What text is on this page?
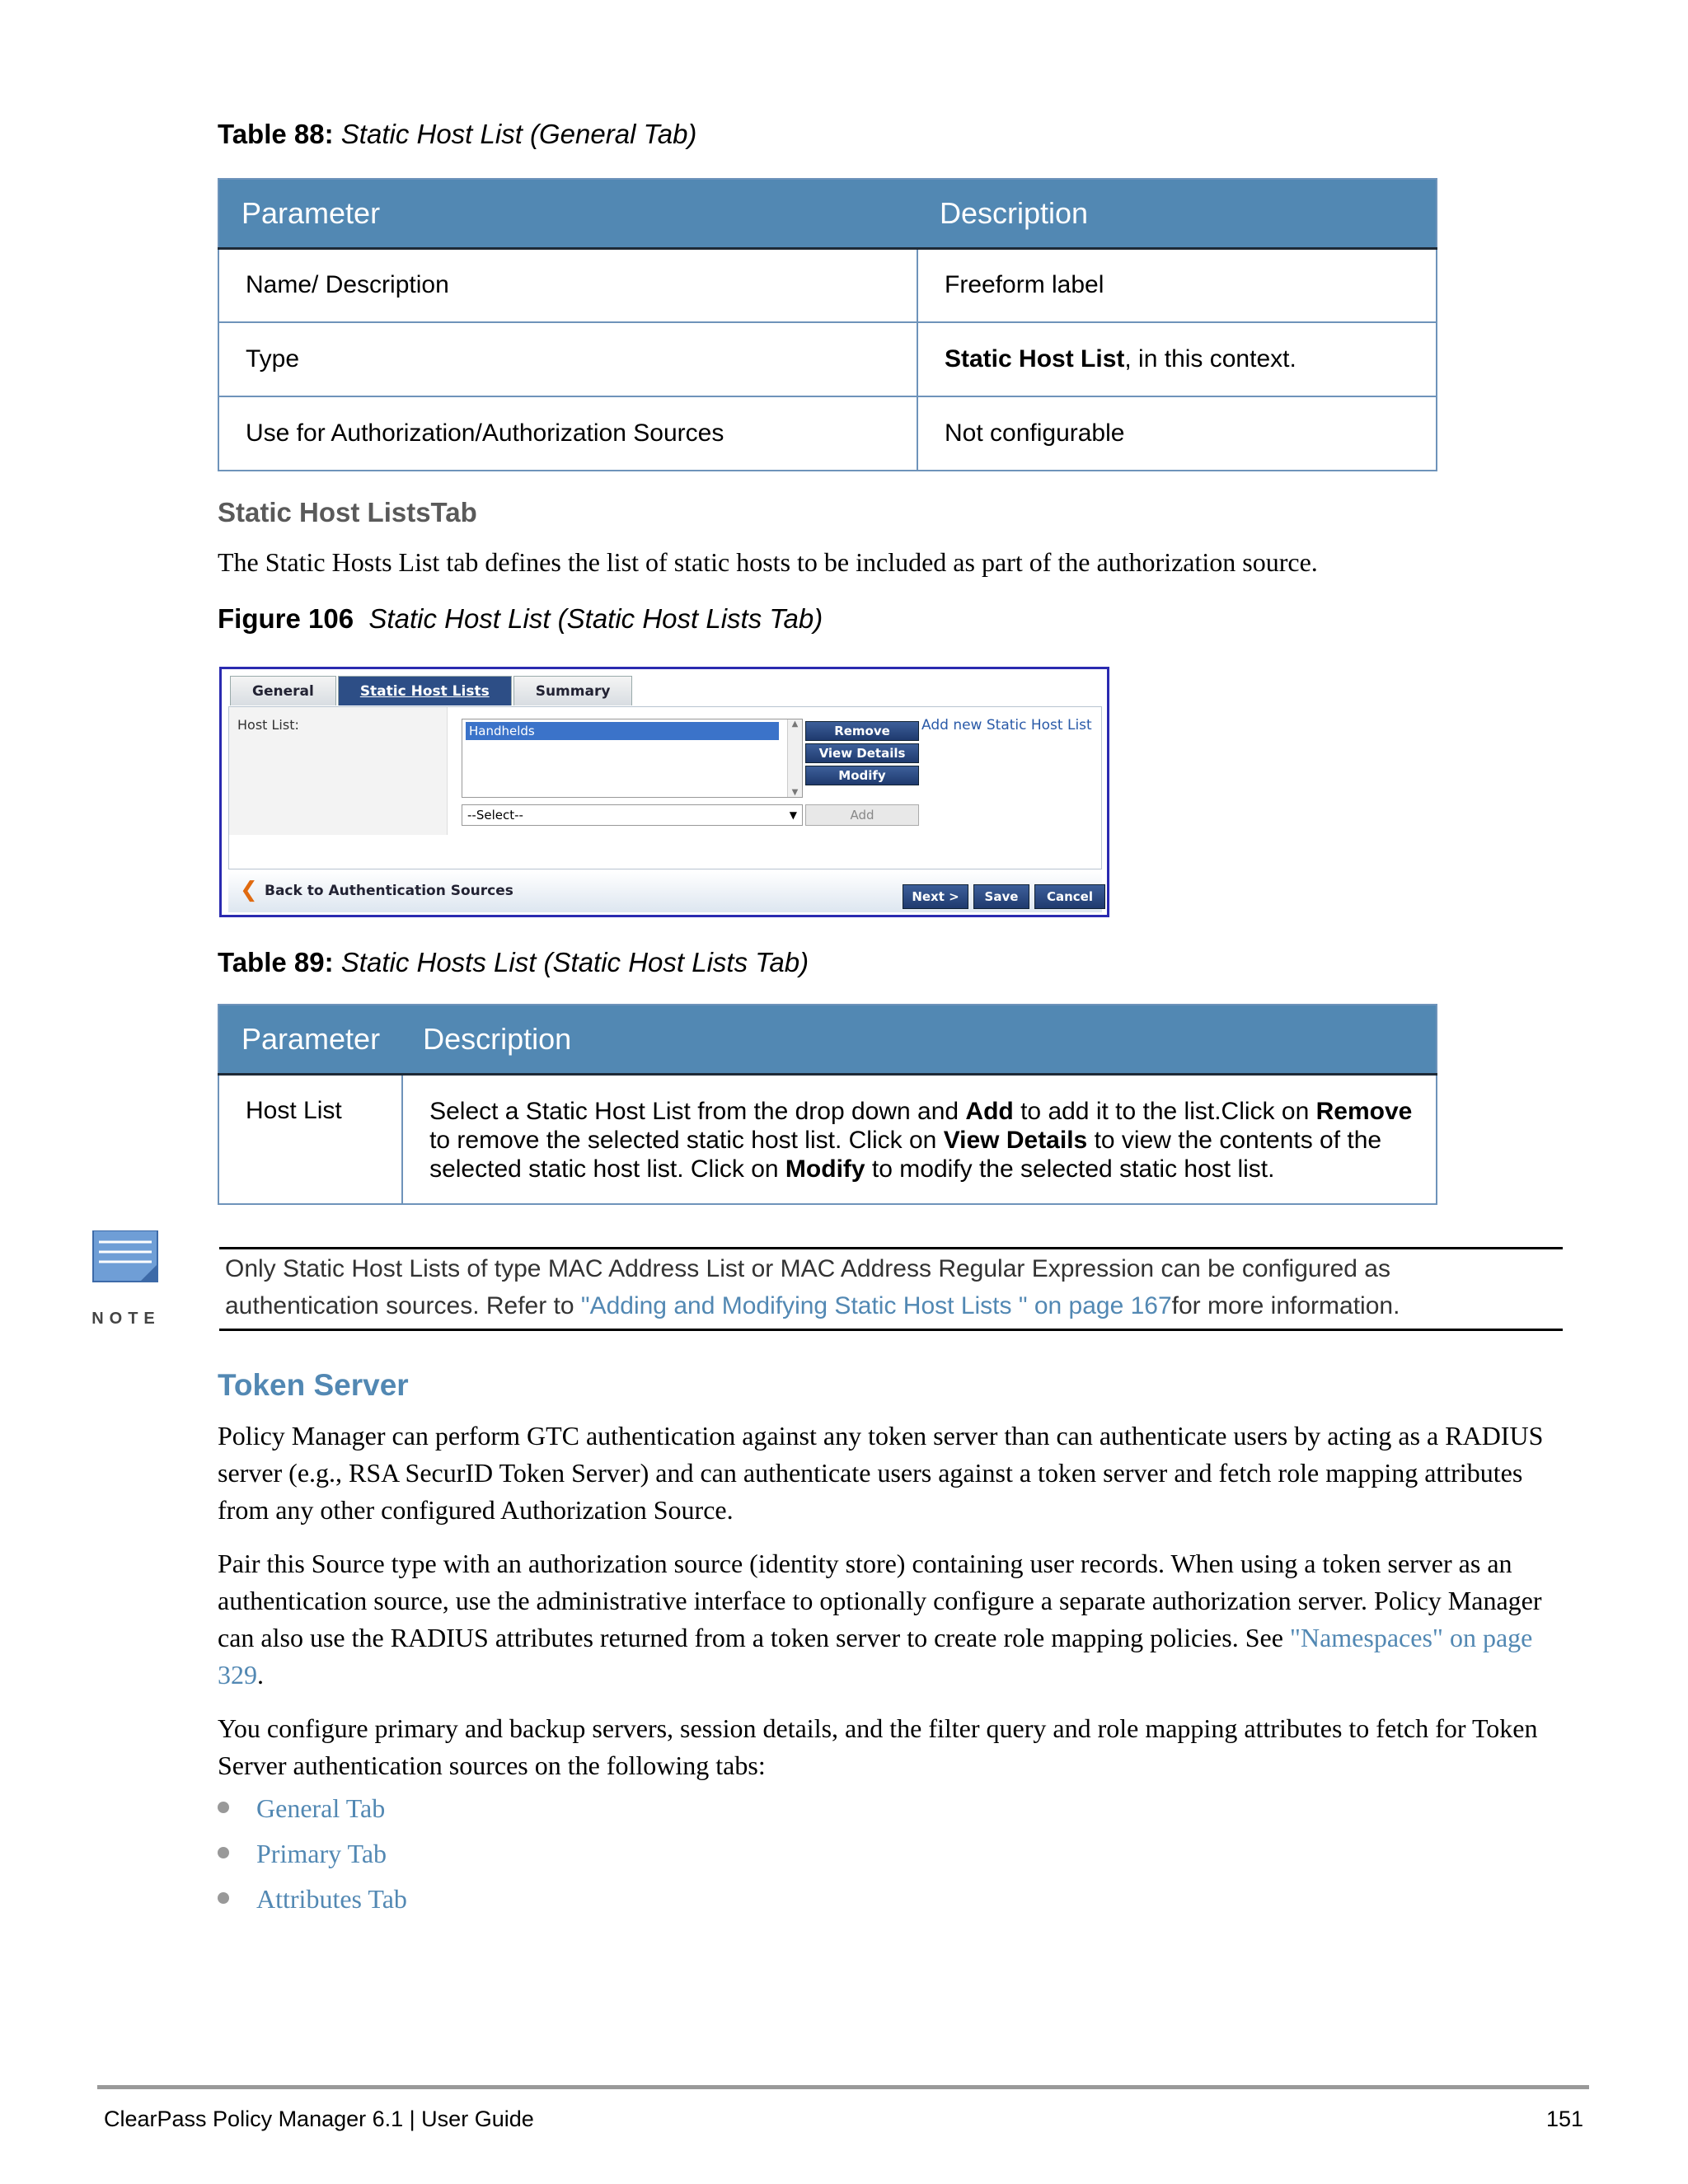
Table 88: Static Host List (General Tab)
Parameter	Description
Name/ Description	Freeform label
Type	Static Host List, in this context.
Use for Authorization/Authorization Sources	Not configurable
Static Host ListsTab
The Static Hosts List tab defines the list of static hosts to be included as part of the authorization source.
Figure 106 Static Host List (Static Host Lists Tab)
General	Static Host Lists	Summary
Host List:	Handhelds	▲
▼
--Select--	▼
Remove
View Details
Modify
Add
Add new Static Host List
❮ Back to Authentication Sources	Next >	Save	Cancel
Table 89: Static Hosts List (Static Host Lists Tab)
Parameter	Description
Host List	Select a Static Host List from the drop down and Add to add it to the list.Click on Remove to remove the selected static host list. Click on View Details to view the contents of the selected static host list. Click on Modify to modify the selected static host list.
NOTE
Only Static Host Lists of type MAC Address List or MAC Address Regular Expression can be configured as
authentication sources. Refer to "Adding and Modifying Static Host Lists " on page 167for more information.
Token Server
Policy Manager can perform GTC authentication against any token server than can authenticate users by acting as a RADIUS server (e.g., RSA SecurID Token Server) and can authenticate users against a token server and fetch role mapping attributes from any other configured Authorization Source.
Pair this Source type with an authorization source (identity store) containing user records. When using a token server as an authentication source, use the administrative interface to optionally configure a separate authorization server. Policy Manager can also use the RADIUS attributes returned from a token server to create role mapping policies. See "Namespaces" on page 329.
You configure primary and backup servers, session details, and the filter query and role mapping attributes to fetch for Token Server authentication sources on the following tabs:
General Tab
Primary Tab
Attributes Tab
ClearPass Policy Manager 6.1 | User Guide	151
